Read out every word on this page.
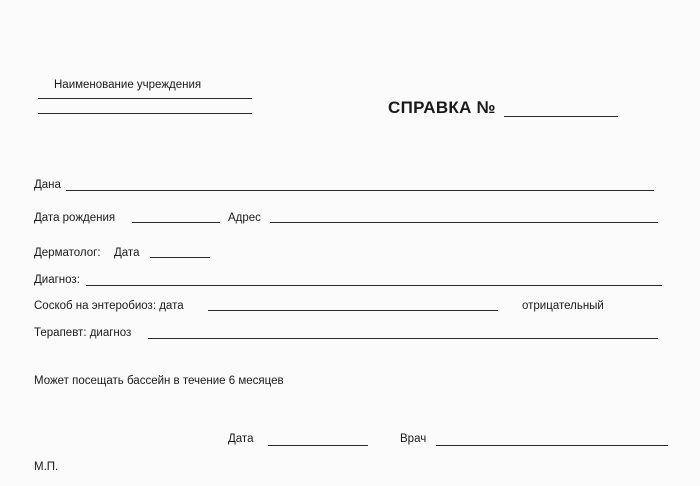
Наименование учреждения
СПРАВКА №
Дана
Дата рождения	Адрес
Дерматолог: Дата
Диагноз:
Соскоб на энтеробиоз: дата	отрицательный
Терапевт: диагноз
Может посещать бассейн в течение 6 месяцев
Дата	Врач
М.П.
